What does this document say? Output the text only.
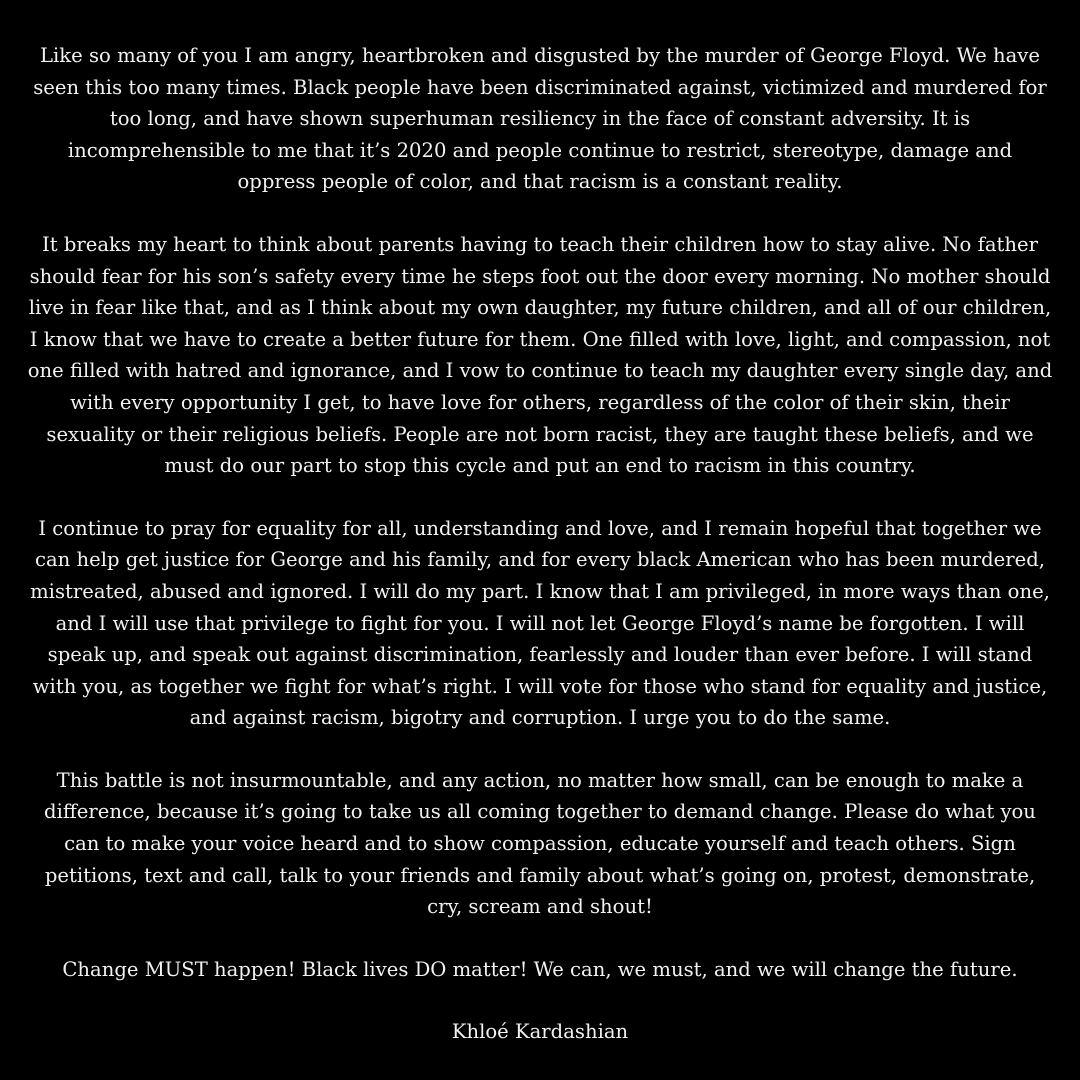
Like so many of you I am angry, heartbroken and disgusted by the murder of George Floyd. We have seen this too many times. Black people have been discriminated against, victimized and murdered for too long, and have shown superhuman resiliency in the face of constant adversity. It is incomprehensible to me that it’s 2020 and people continue to restrict, stereotype, damage and oppress people of color, and that racism is a constant reality.

It breaks my heart to think about parents having to teach their children how to stay alive. No father should fear for his son’s safety every time he steps foot out the door every morning. No mother should live in fear like that, and as I think about my own daughter, my future children, and all of our children, I know that we have to create a better future for them. One filled with love, light, and compassion, not one filled with hatred and ignorance, and I vow to continue to teach my daughter every single day, and with every opportunity I get, to have love for others, regardless of the color of their skin, their sexuality or their religious beliefs. People are not born racist, they are taught these beliefs, and we must do our part to stop this cycle and put an end to racism in this country.

I continue to pray for equality for all, understanding and love, and I remain hopeful that together we can help get justice for George and his family, and for every black American who has been murdered, mistreated, abused and ignored. I will do my part. I know that I am privileged, in more ways than one, and I will use that privilege to fight for you. I will not let George Floyd’s name be forgotten. I will speak up, and speak out against discrimination, fearlessly and louder than ever before. I will stand with you, as together we fight for what’s right. I will vote for those who stand for equality and justice, and against racism, bigotry and corruption. I urge you to do the same.

This battle is not insurmountable, and any action, no matter how small, can be enough to make a difference, because it’s going to take us all coming together to demand change. Please do what you can to make your voice heard and to show compassion, educate yourself and teach others. Sign petitions, text and call, talk to your friends and family about what’s going on, protest, demonstrate, cry, scream and shout!

Change MUST happen! Black lives DO matter! We can, we must, and we will change the future.

Khloé Kardashian
